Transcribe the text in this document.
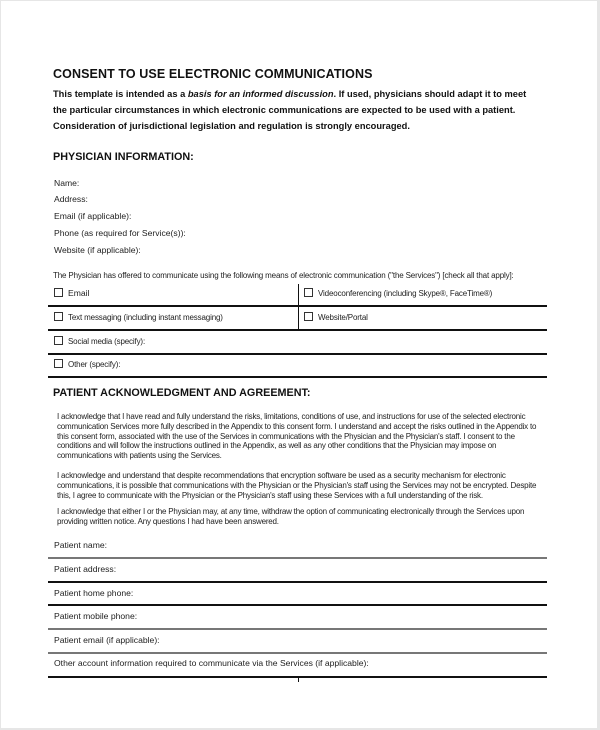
CONSENT TO USE ELECTRONIC COMMUNICATIONS
This template is intended as a basis for an informed discussion. If used, physicians should adapt it to meet
the particular circumstances in which electronic communications are expected to be used with a patient.
Consideration of jurisdictional legislation and regulation is strongly encouraged.
PHYSICIAN INFORMATION:
Name:
Address:
Email (if applicable):
Phone (as required for Service(s)):
Website (if applicable):
The Physician has offered to communicate using the following means of electronic communication ("the Services") [check all that apply]:
Email	Videoconferencing (including Skype®, FaceTime®)
Text messaging (including instant messaging)	Website/Portal
Social media (specify):
Other (specify):
PATIENT ACKNOWLEDGMENT AND AGREEMENT:
I acknowledge that I have read and fully understand the risks, limitations, conditions of use, and instructions for use of the selected electronic communication Services more fully described in the Appendix to this consent form. I understand and accept the risks outlined in the Appendix to this consent form, associated with the use of the Services in communications with the Physician and the Physician's staff. I consent to the conditions and will follow the instructions outlined in the Appendix, as well as any other conditions that the Physician may impose on communications with patients using the Services.
I acknowledge and understand that despite recommendations that encryption software be used as a security mechanism for electronic communications, it is possible that communications with the Physician or the Physician's staff using the Services may not be encrypted. Despite this, I agree to communicate with the Physician or the Physician's staff using these Services with a full understanding of the risk.
I acknowledge that either I or the Physician may, at any time, withdraw the option of communicating electronically through the Services upon providing written notice. Any questions I had have been answered.
Patient name:
Patient address:
Patient home phone:
Patient mobile phone:
Patient email (if applicable):
Other account information required to communicate via the Services (if applicable):
